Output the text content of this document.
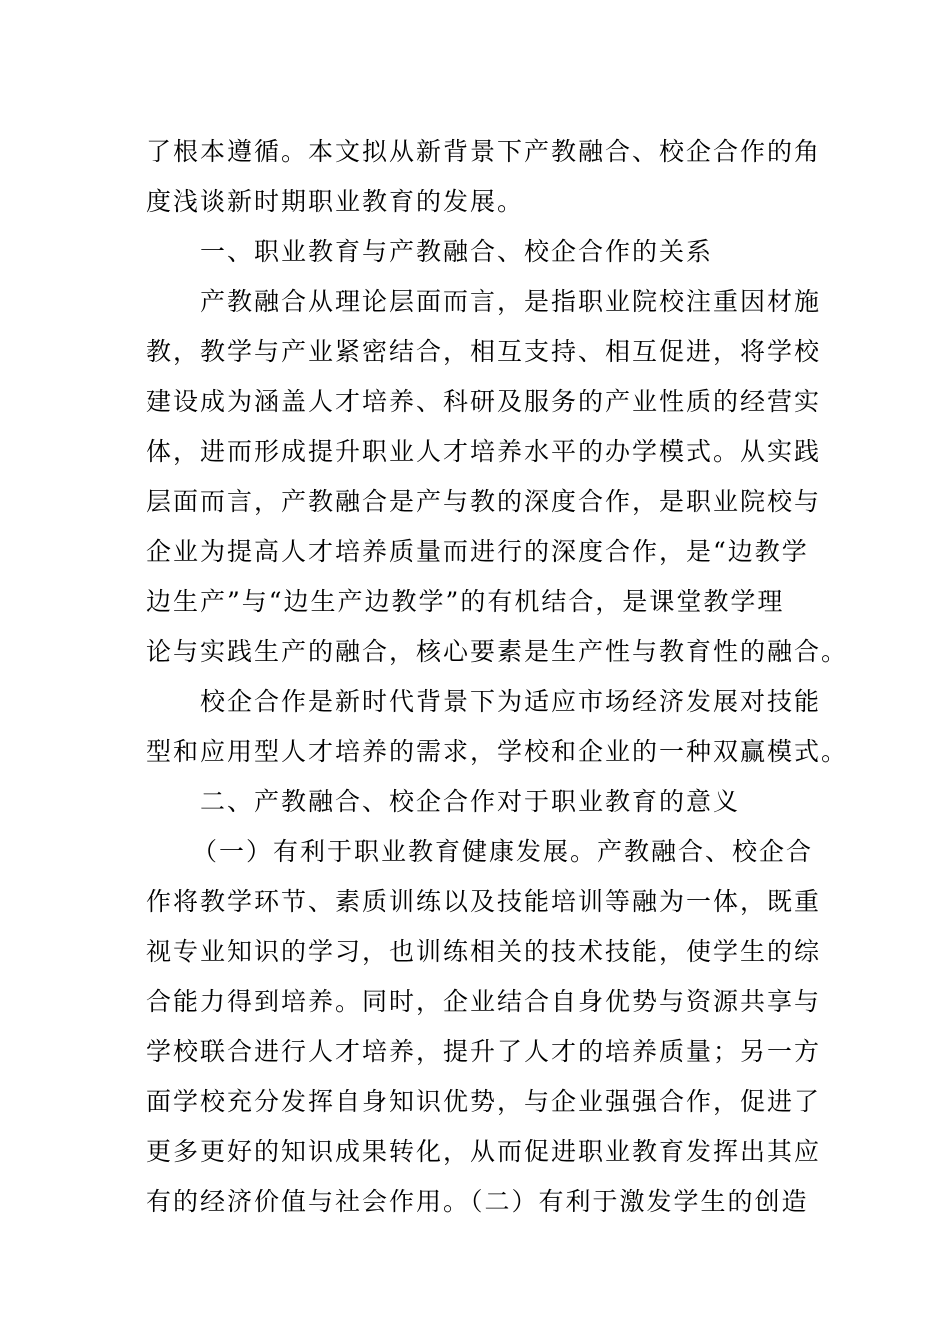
了根本遵循。本文拟从新背景下产教融合、校企合作的角
度浅谈新时期职业教育的发展。
一、职业教育与产教融合、校企合作的关系
产教融合从理论层面而言，是指职业院校注重因材施
教，教学与产业紧密结合，相互支持、相互促进，将学校
建设成为涵盖人才培养、科研及服务的产业性质的经营实
体，进而形成提升职业人才培养水平的办学模式。从实践
层面而言，产教融合是产与教的深度合作，是职业院校与
企业为提高人才培养质量而进行的深度合作，是“边教学
边生产”与“边生产边教学”的有机结合，是课堂教学理
论与实践生产的融合，核心要素是生产性与教育性的融合。
校企合作是新时代背景下为适应市场经济发展对技能
型和应用型人才培养的需求，学校和企业的一种双赢模式。
二、产教融合、校企合作对于职业教育的意义
（一）有利于职业教育健康发展。产教融合、校企合
作将教学环节、素质训练以及技能培训等融为一体，既重
视专业知识的学习，也训练相关的技术技能，使学生的综
合能力得到培养。同时，企业结合自身优势与资源共享与
学校联合进行人才培养，提升了人才的培养质量；另一方
面学校充分发挥自身知识优势，与企业强强合作，促进了
更多更好的知识成果转化，从而促进职业教育发挥出其应
有的经济价值与社会作用。（二）有利于激发学生的创造
